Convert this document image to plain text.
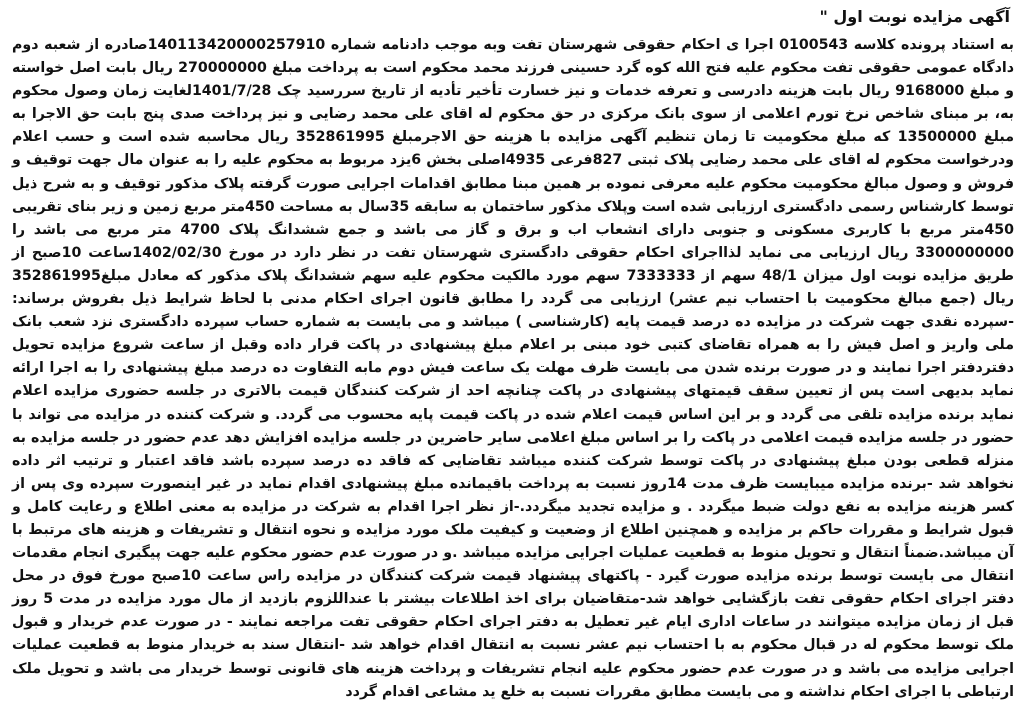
آگهی مزایده نوبت اول "

به استناد پرونده کلاسه 0100543 اجرا ی احکام حقوقی شهرستان تفت وبه موجب دادنامه شماره 140113420000257910صادره از شعبه دوم دادگاه عمومی حقوقی تفت محکوم علیه فتح الله کوه گرد حسینی فرزند محمد محکوم است به پرداخت مبلغ 270000000 ریال بابت اصل خواسته و مبلغ 9168000 ریال بابت هزینه دادرسی و تعرفه خدمات و نیز خسارت تأخیر تأدیه از تاریخ سررسید چک 1401/7/28لغایت زمان وصول محکوم به، بر مبنای شاخص نرخ تورم اعلامی از سوی بانک مرکزی در حق محکوم له اقای علی محمد رضایی و نیز پرداخت صدی پنج بابت حق الاجرا به مبلغ 13500000 که مبلغ محکومیت تا زمان تنظیم آگهی مزایده با هزینه حق الاجرمبلغ 352861995 ریال محاسبه شده است و حسب اعلام ودرخواست محکوم له اقای علی محمد رضایی پلاک ثبتی 827فرعی 4935اصلی بخش 6یزد مربوط به محکوم علیه را به عنوان مال جهت توقیف و فروش و وصول مبالغ محکومیت محکوم علیه معرفی نموده بر همین مبنا مطابق اقدامات اجرایی صورت گرفته پلاک مذکور توقیف و به شرح ذیل توسط کارشناس رسمی دادگستری ارزیابی شده است وپلاک مذکور ساختمان به سابقه 35سال به مساحت 450متر مربع زمین و زیر بنای تقریبی 450متر مربع با کاربری مسکونی و جنوبی دارای انشعاب اب و برق و گاز می باشد و جمع ششدانگ پلاک 4700 متر مربع می باشد را 3300000000 ریال ارزیابی می نماید لذااجرای احکام حقوقی دادگستری شهرستان تفت در نظر دارد در مورخ 1402/02/30ساعت 10صبح از طریق مزایده نوبت اول میزان 48/1 سهم از 7333333 سهم مورد مالکیت محکوم علیه سهم ششدانگ پلاک مذکور که معادل مبلغ352861995 ریال (جمع مبالغ محکومیت با احتساب نیم عشر) ارزیابی می گردد را مطابق قانون اجرای احکام مدنی با لحاظ شرایط ذیل بفروش برساند: -سپرده نقدی جهت شرکت در مزایده ده درصد قیمت پایه (کارشناسی ) میباشد و می بایست به شماره حساب سپرده دادگستری نزد شعب بانک ملی واریز و اصل فیش را به همراه تقاضای کتبی خود مبنی بر اعلام مبلغ پیشنهادی در پاکت قرار داده وقبل از ساعت شروع مزایده تحویل دفتردفتر اجرا نمایند و در صورت برنده شدن می بایست ظرف مهلت یک ساعت فیش دوم مابه التفاوت ده درصد مبلغ پیشنهادی را به اجرا ارائه نماید بدیهی است پس از تعیین سقف قیمتهای پیشنهادی در پاکت چنانچه احد از شرکت کنندگان قیمت بالاتری در جلسه حضوری مزایده اعلام نماید برنده مزایده تلقی می گردد و بر این اساس قیمت اعلام شده در پاکت قیمت پایه محسوب می گردد. و شرکت کننده در مزایده می تواند با حضور در جلسه مزایده قیمت اعلامی در پاکت را بر اساس مبلغ اعلامی سایر حاضرین در جلسه مزایده افزایش دهد عدم حضور در جلسه مزایده به منزله قطعی بودن مبلغ پیشنهادی در پاکت توسط شرکت کننده میباشد تقاضایی که فاقد ده درصد سپرده باشد فاقد اعتبار و ترتیب اثر داده نخواهد شد -برنده مزایده میبایست ظرف مدت 14روز نسبت به پرداخت باقیمانده مبلغ پیشنهادی اقدام نماید در غیر اینصورت سپرده وی پس از کسر هزینه مزایده به نفع دولت ضبط میگردد . و مزایده تجدید میگردد.-از نظر اجرا اقدام به شرکت در مزایده به معنی اطلاع و رعایت کامل و قبول شرایط و مقررات حاکم بر مزایده و همچنین اطلاع از وضعیت و کیفیت ملک مورد مزایده و نحوه انتقال و تشریفات و هزینه های مرتبط با آن میباشد.ضمناً انتقال و تحویل منوط به قطعیت عملیات اجرایی مزایده میباشد .و در صورت عدم حضور محکوم علیه جهت پیگیری انجام مقدمات انتقال می بایست توسط برنده مزایده صورت گیرد - پاکتهای پیشنهاد قیمت شرکت کنندگان در مزایده راس ساعت 10صبح مورخ فوق در محل دفتر اجرای احکام حقوقی تفت بازگشایی خواهد شد-متقاضیان برای اخذ اطلاعات بیشتر با عنداللزوم بازدید از مال مورد مزایده در مدت 5 روز قبل از زمان مزایده میتوانند در ساعات اداری ایام غیر تعطیل به دفتر اجرای احکام حقوقی تفت مراجعه نمایند - در صورت عدم خریدار و قبول ملک توسط محکوم له در قبال محکوم به با احتساب نیم عشر نسبت به انتقال اقدام خواهد شد -انتقال سند به خریدار منوط به قطعیت عملیات اجرایی مزایده می باشد و در صورت عدم حضور محکوم علیه انجام تشریفات و پرداخت هزینه های قانونی توسط خریدار می باشد و تحویل ملک ارتباطی با اجرای احکام نداشته و می بایست مطابق مقررات نسبت به خلع ید مشاعی اقدام گردد
